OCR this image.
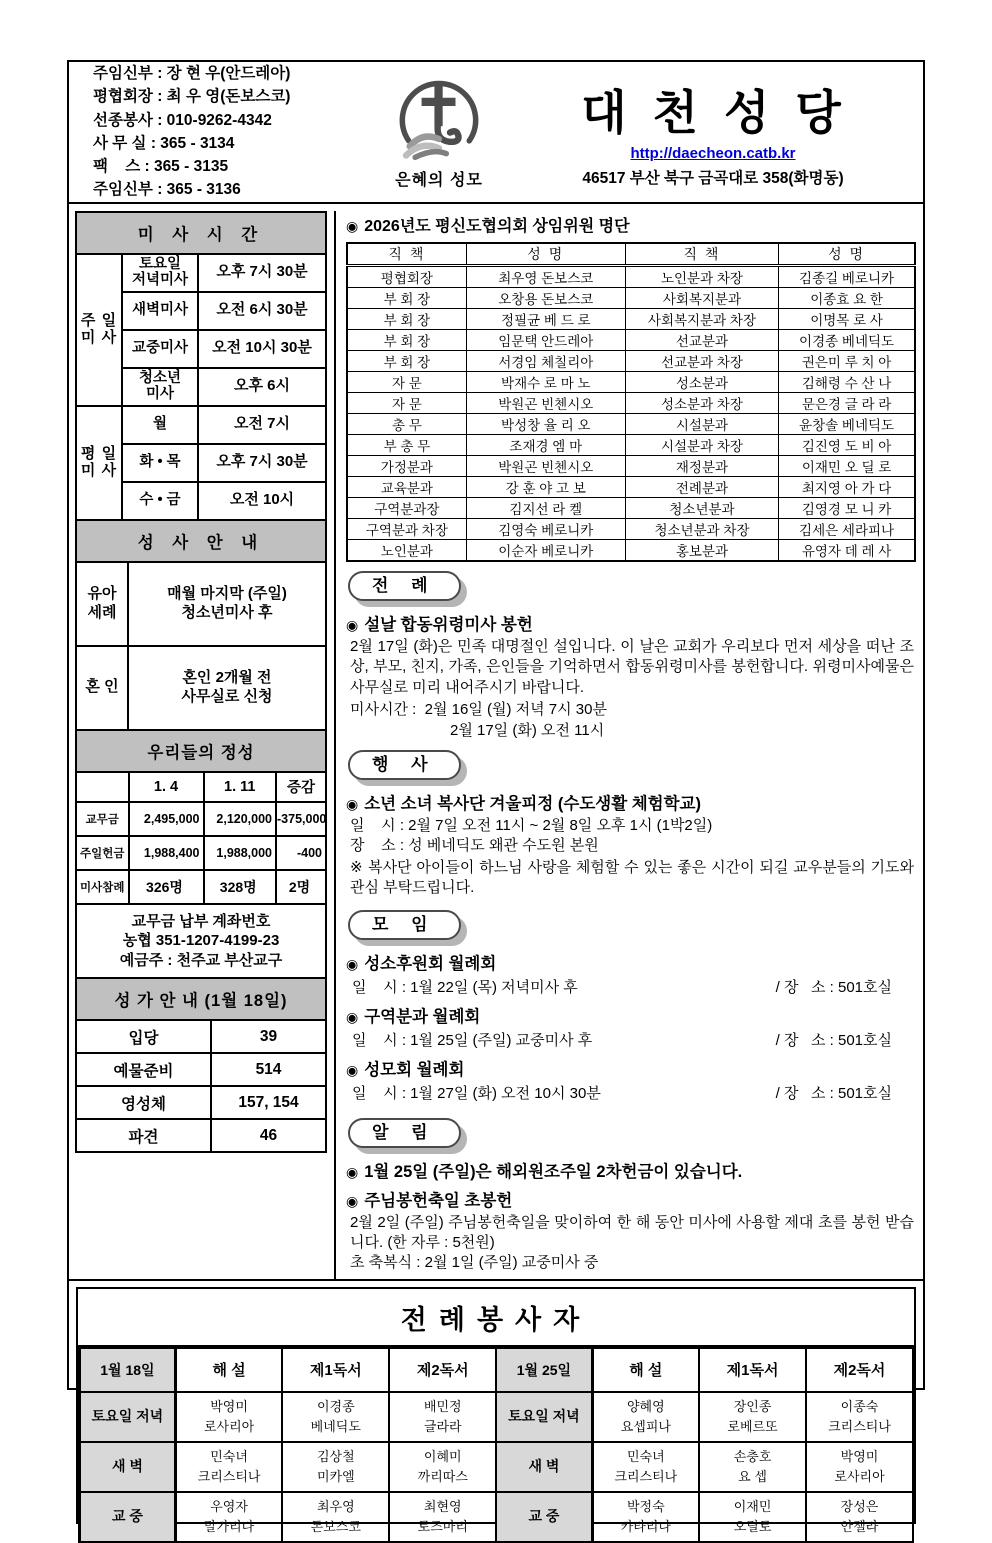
주임신부 : 장 현 우(안드레아)
평협회장 : 최 우 영(돈보스코)
선종봉사 : 010-9262-4342
사 무 실 : 365 - 3134
팩    스 : 365 - 3135
주임신부 : 365 - 3136
은혜의 성모
대천성당
http://daecheon.catb.kr
46517 부산 북구 금곡대로 358(화명동)
미 사 시 간
주 일
미 사	토요일
저녁미사	오후 7시 30분
	새벽미사	오전 6시 30분
	교중미사	오전 10시 30분
	청소년
미사	오후 6시
평 일
미 사	월	오전 7시
	화 • 목	오후 7시 30분
	수 • 금	오전 10시
성 사 안 내
유아
세례	매월 마지막 (주일)
청소년미사 후
혼 인	혼인 2개월 전
사무실로 신청
우리들의 정성
	1. 4	1. 11	증감
교무금	2,495,000	2,120,000	-375,000
주일헌금	1,988,400	1,988,000	-400
미사참례	326명	328명	2명
교무금 납부 계좌번호
농협 351-1207-4199-23
예금주 : 천주교 부산교구
성 가 안 내 (1월 18일)
입당	39
예물준비	514
영성체	157, 154
파견	46
◉ 2026년도 평신도협의회 상임위원 명단
직 책	성 명	직 책	성 명
평협회장	최우영 돈보스코	노인분과 차장	김종길 베로니카
부 회 장	오창용 돈보스코	사회복지분과	이종효 요 한
부 회 장	정필균 베 드 로	사회복지분과 차장	이명목 로 사
부 회 장	임문택 안드레아	선교분과	이경종 베네딕도
부 회 장	서경임 체칠리아	선교분과 차장	권은미 루 치 아
자 문	박재수 로 마 노	성소분과	김해령 수 산 나
자 문	박원곤 빈첸시오	성소분과 차장	문은경 글 라 라
총 무	박성창 율 리 오	시설분과	윤창솔 베네딕도
부 총 무	조재경 엠 마	시설분과 차장	김진영 도 비 아
가정분과	박원곤 빈첸시오	재정분과	이재민 오 딜 로
교육분과	강 훈 야 고 보	전례분과	최지영 아 가 다
구역분과장	김지선 라 켈	청소년분과	김영경 모 니 카
구역분과 차장	김영숙 베로니카	청소년분과 차장	김세은 세라피나
노인분과	이순자 베로니카	홍보분과	유영자 데 레 사
전 례
◉ 설날 합동위령미사 봉헌
2월 17일 (화)은 민족 대명절인 설입니다. 이 날은 교회가 우리보다 먼저 세상을 떠난 조상, 부모, 친지, 가족, 은인들을 기억하면서 합동위령미사를 봉헌합니다. 위령미사예물은 사무실로 미리 내어주시기 바랍니다.
미사시간 :  2월 16일 (월) 저녁 7시 30분
2월 17일 (화) 오전 11시
행 사
◉ 소년 소녀 복사단 겨울피정 (수도생활 체험학교)
일    시 : 2월 7일 오전 11시 ~ 2월 8일 오후 1시 (1박2일)
장    소 : 성 베네딕도 왜관 수도원 본원
※ 복사단 아이들이 하느님 사랑을 체험할 수 있는 좋은 시간이 되길 교우분들의 기도와 관심 부탁드립니다.
모 임
◉ 성소후원회 월례회
일    시 : 1월 22일 (목) 저녁미사 후	/ 장   소 : 501호실
◉ 구역분과 월례회
일    시 : 1월 25일 (주일) 교중미사 후	/ 장   소 : 501호실
◉ 성모회 월례회
일    시 : 1월 27일 (화) 오전 10시 30분	/ 장   소 : 501호실
알 림
◉ 1월 25일 (주일)은 해외원조주일 2차헌금이 있습니다.
◉ 주님봉헌축일 초봉헌
2월 2일 (주일) 주님봉헌축일을 맞이하여 한 해 동안 미사에 사용할 제대 초를 봉헌 받습니다. (한 자루 : 5천원)
초 축복식 : 2월 1일 (주일) 교중미사 중
전례봉사자
1월 18일	해 설	제1독서	제2독서	1월 25일	해 설	제1독서	제2독서
토요일 저녁	박영미
로사리아	이경종
베네딕도	배민정
글라라	토요일 저녁	양혜영
요셉피나	장인종
로베르또	이종숙
크리스티나
새 벽	민숙녀
크리스티나	김상철
미카엘	이혜미
까리따스	새 벽	민숙녀
크리스티나	손충호
요 셉	박영미
로사리아
교 중	우영자
말가리다	최우영
돈보스코	최현영
로즈마리	교 중	박정숙
카타리나	이재민
오딜로	장성은
안젤라
